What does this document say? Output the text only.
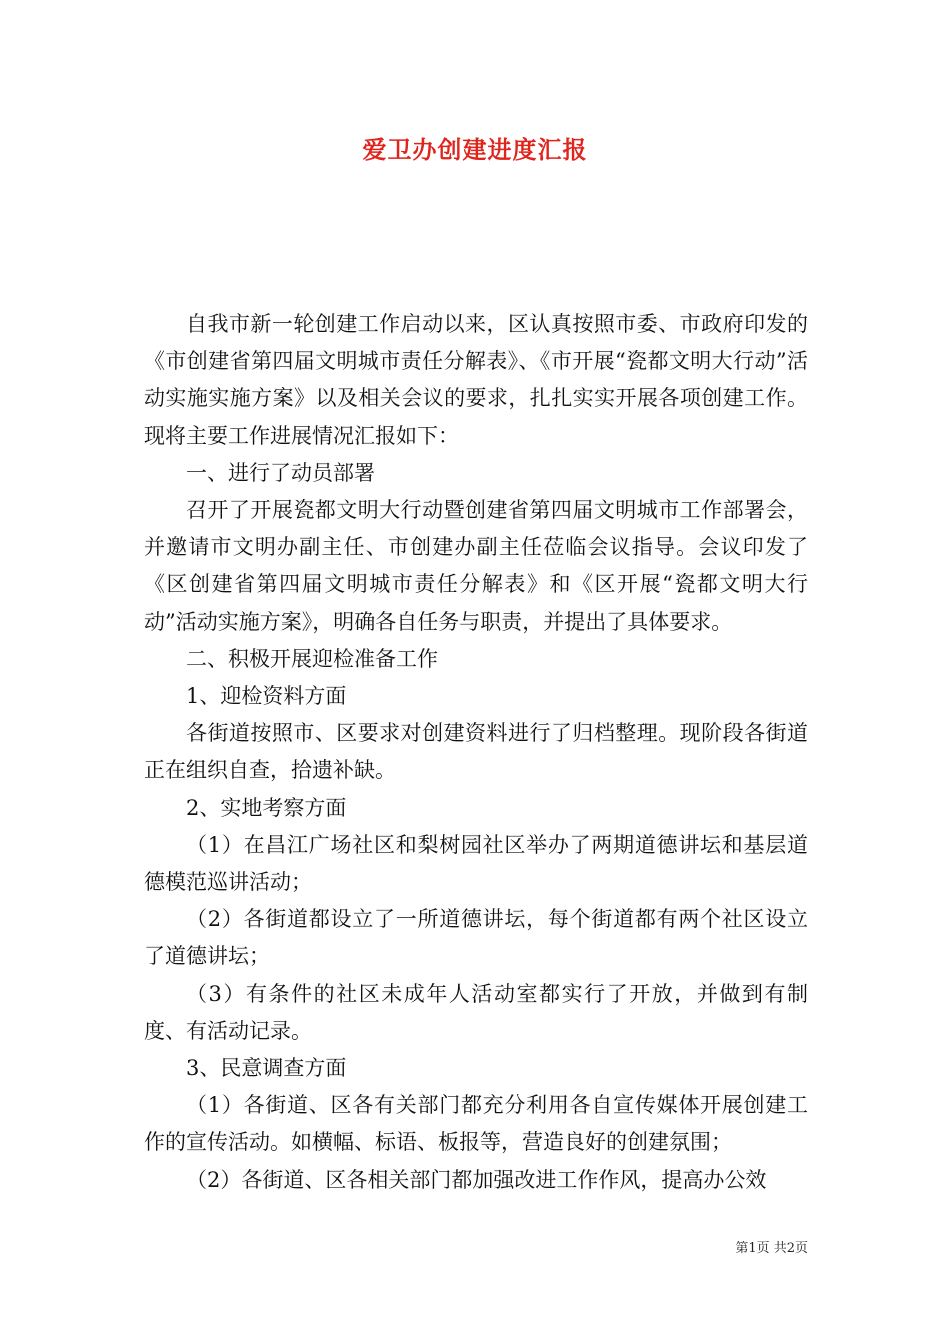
爱卫办创建进度汇报

自我市新一轮创建工作启动以来，区认真按照市委、市政府印发的《市创建省第四届文明城市责任分解表》、《市开展“瓷都文明大行动”活动实施实施方案》以及相关会议的要求，扎扎实实开展各项创建工作。现将主要工作进展情况汇报如下：

一、进行了动员部署

召开了开展瓷都文明大行动暨创建省第四届文明城市工作部署会，并邀请市文明办副主任、市创建办副主任莅临会议指导。会议印发了《区创建省第四届文明城市责任分解表》和《区开展“瓷都文明大行动”活动实施方案》，明确各自任务与职责，并提出了具体要求。

二、积极开展迎检准备工作

1、迎检资料方面

各街道按照市、区要求对创建资料进行了归档整理。现阶段各街道正在组织自查，拾遗补缺。

2、实地考察方面

（1）在昌江广场社区和梨树园社区举办了两期道德讲坛和基层道德模范巡讲活动；

（2）各街道都设立了一所道德讲坛，每个街道都有两个社区设立了道德讲坛；

（3）有条件的社区未成年人活动室都实行了开放，并做到有制度、有活动记录。

3、民意调查方面

（1）各街道、区各有关部门都充分利用各自宣传媒体开展创建工作的宣传活动。如横幅、标语、板报等，营造良好的创建氛围；

（2）各街道、区各相关部门都加强改进工作作风，提高办公效

第1页 共2页
